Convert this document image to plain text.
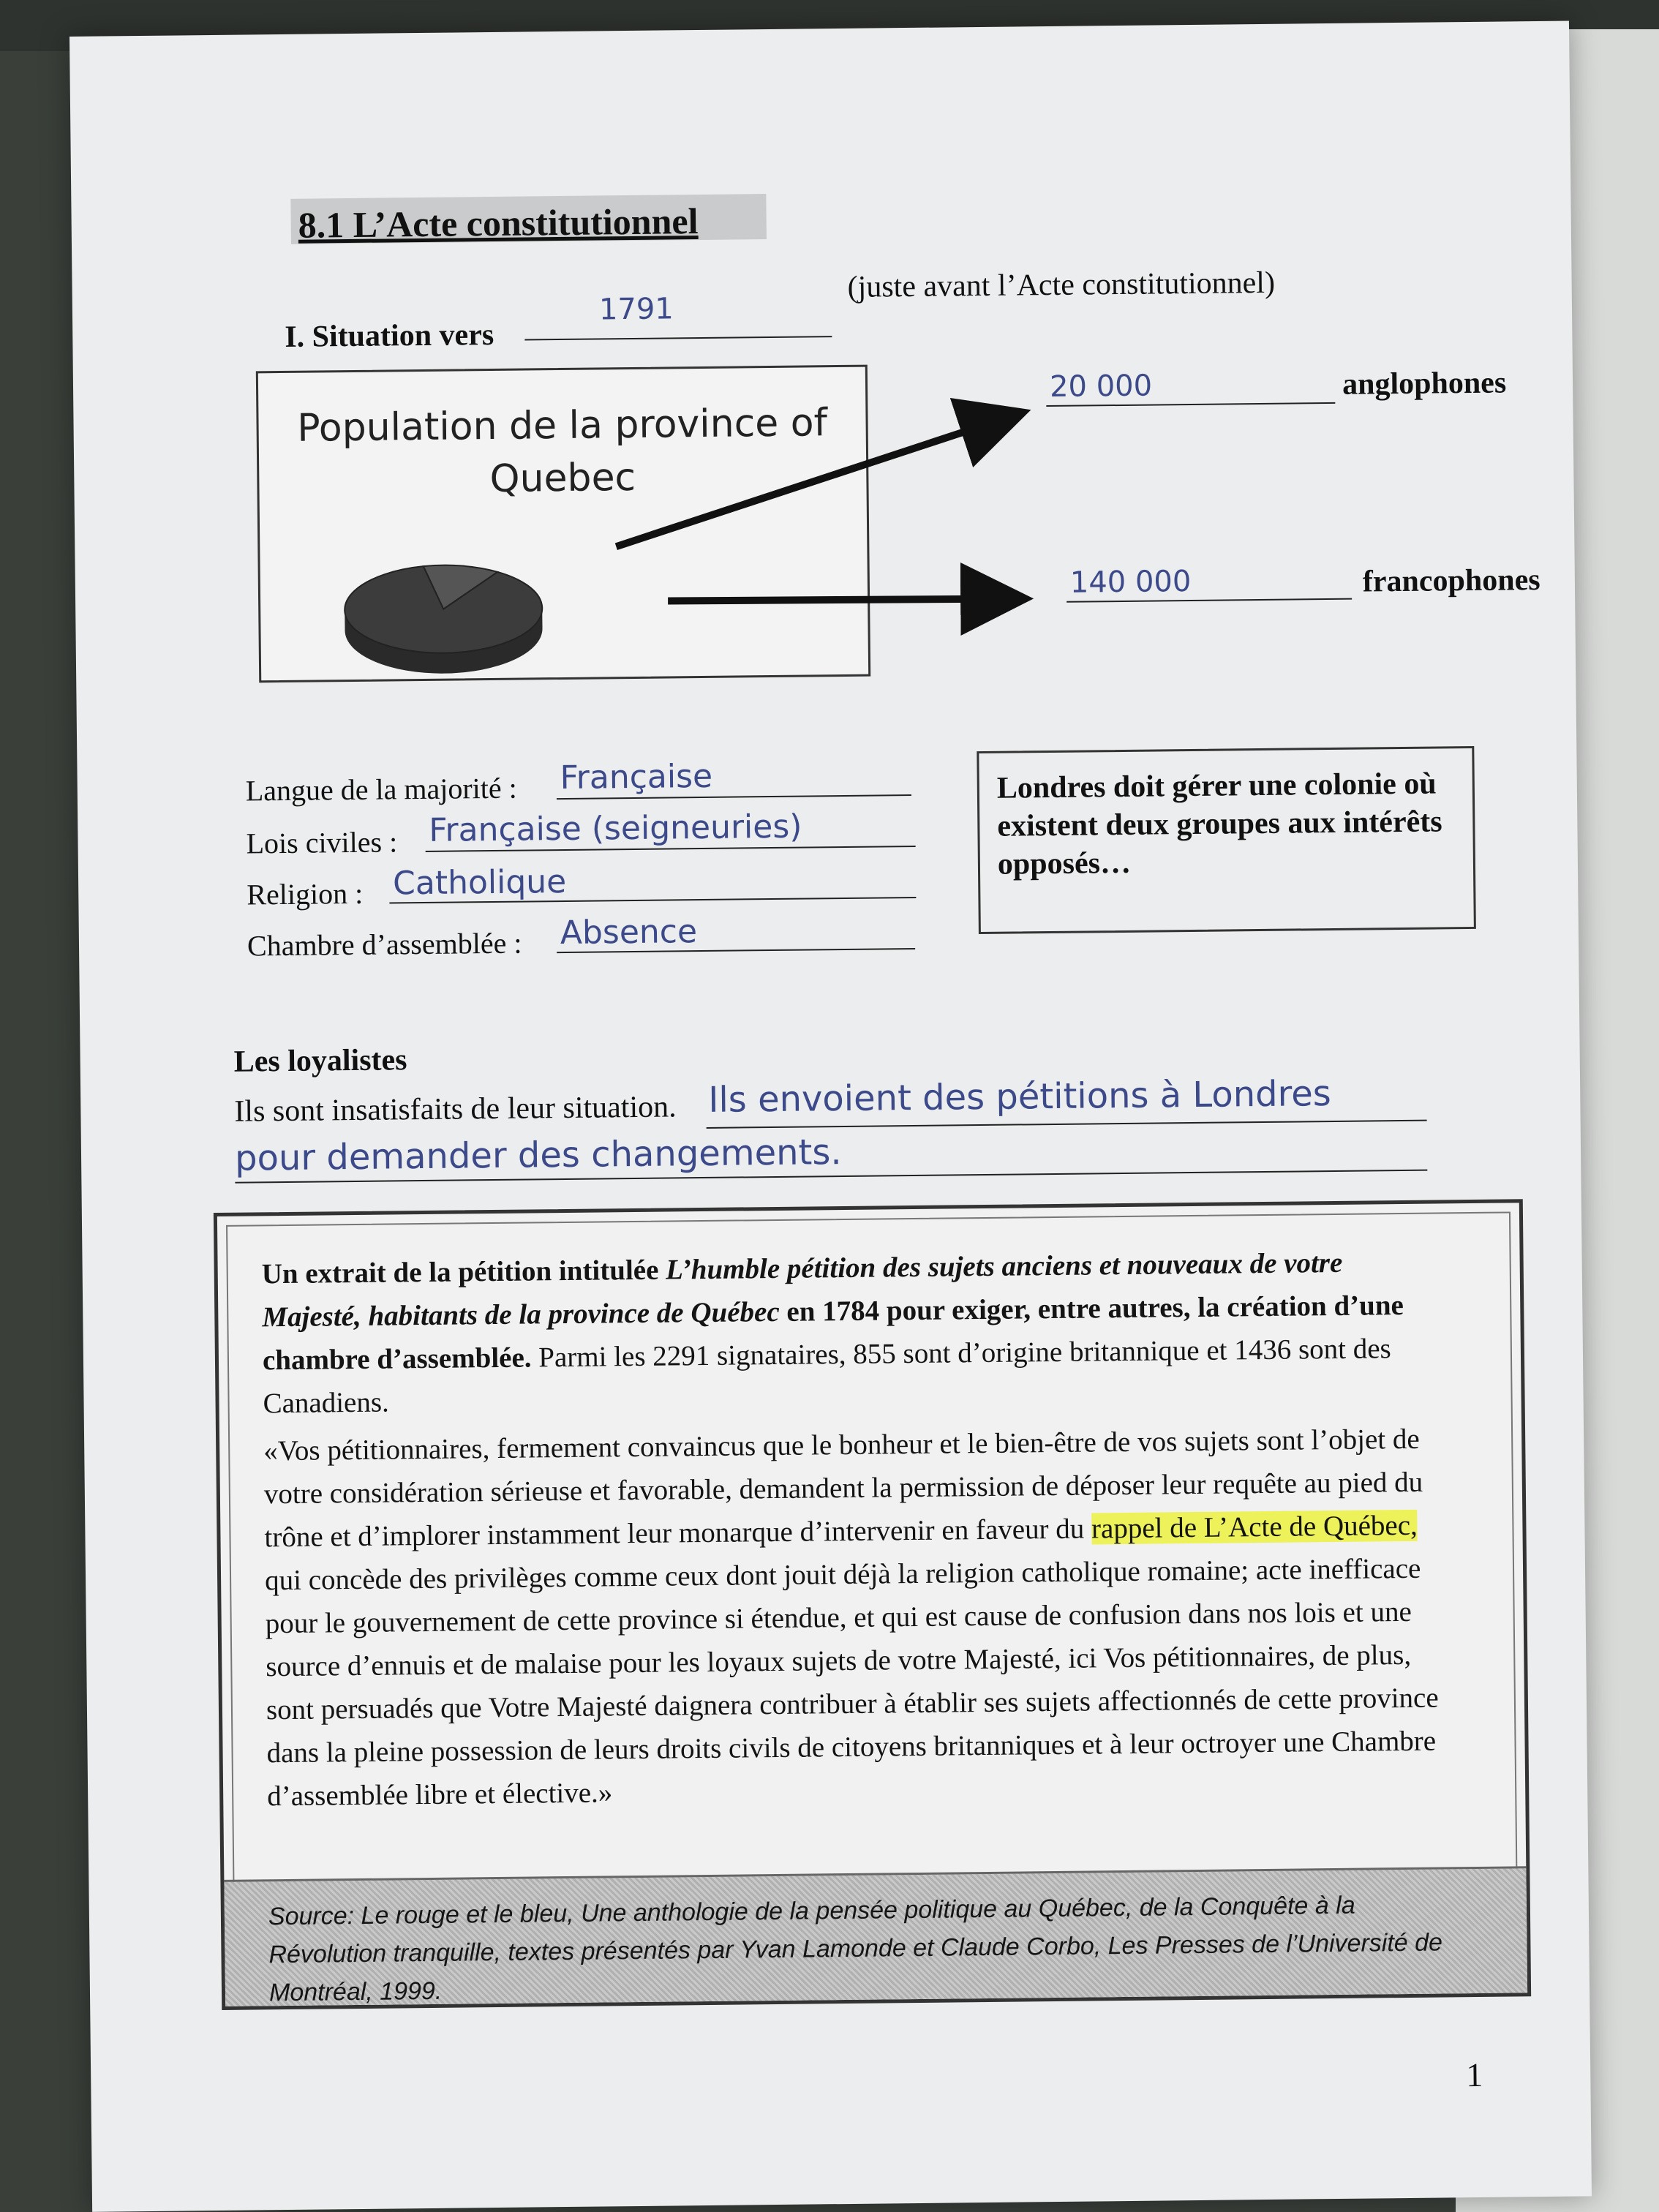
8.1 L’Acte constitutionnel
I. Situation vers
1791
(juste avant l’Acte constitutionnel)
Population de la province of Quebec
20 000	anglophones
140 000	francophones
Langue de la majorité : Française
Lois civiles : Française (seigneuries)
Religion : Catholique
Chambre d’assemblée : Absence
Londres doit gérer une colonie où existent deux groupes aux intérêts opposés…
Les loyalistes
Ils sont insatisfaits de leur situation. Ils envoient des pétitions à Londres
pour demander des changements.

Un extrait de la pétition intitulée L’humble pétition des sujets anciens et nouveaux de votre Majesté, habitants de la province de Québec en 1784 pour exiger, entre autres, la création d’une chambre d’assemblée. Parmi les 2291 signataires, 855 sont d’origine britannique et 1436 sont des Canadiens.

«Vos pétitionnaires, fermement convaincus que le bonheur et le bien-être de vos sujets sont l’objet de votre considération sérieuse et favorable, demandent la permission de déposer leur requête au pied du trône et d’implorer instamment leur monarque d’intervenir en faveur du rappel de L’Acte de Québec, qui concède des privilèges comme ceux dont jouit déjà la religion catholique romaine; acte inefficace pour le gouvernement de cette province si étendue, et qui est cause de confusion dans nos lois et une source d’ennuis et de malaise pour les loyaux sujets de votre Majesté, ici Vos pétitionnaires, de plus, sont persuadés que Votre Majesté daignera contribuer à établir ses sujets affectionnés de cette province dans la pleine possession de leurs droits civils de citoyens britanniques et à leur octroyer une Chambre d’assemblée libre et élective.»

Source: Le rouge et le bleu, Une anthologie de la pensée politique au Québec, de la Conquête à la Révolution tranquille, textes présentés par Yvan Lamonde et Claude Corbo, Les Presses de l’Université de Montréal, 1999.
1
